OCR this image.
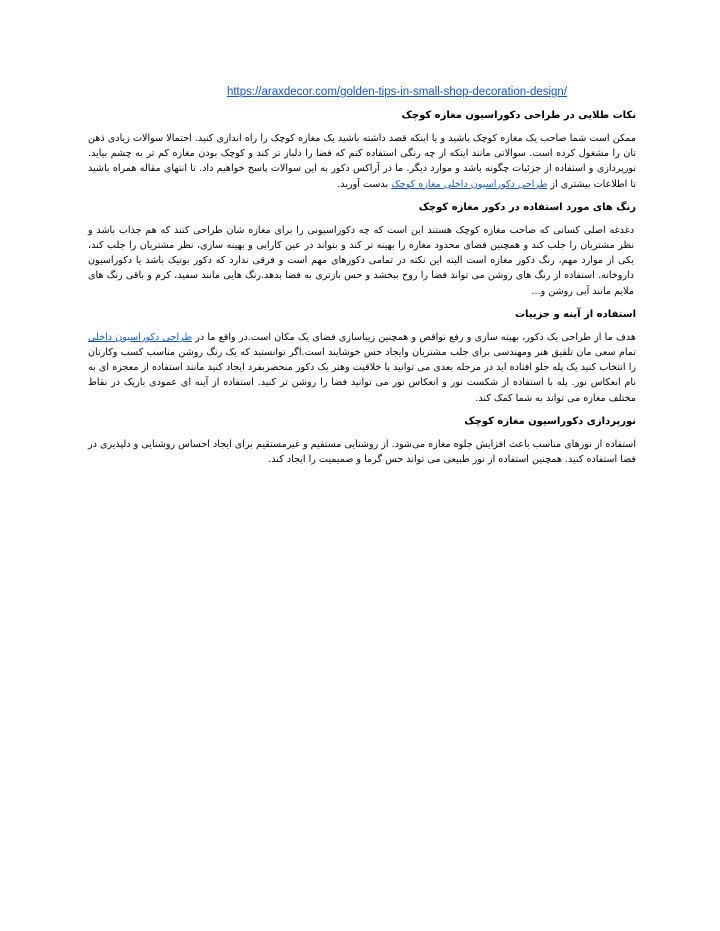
https://araxdecor.com/golden-tips-in-small-shop-decoration-design/
نکات طلایی در طراحی دکوراسیون مغازه کوچک

ممکن است شما صاحب یک مغازه کوچک باشید و یا اینکه قصد داشته باشید یک مغازه کوچک را راه اندازی کنید. احتمالا سوالات زیادی ذهن تان را مشغول کرده است. سوالاتی مانند اینکه از چه رنگی استفاده کنم که فضا را دلباز تر کند و کوچک بودن مغازه کم تر به چشم بیاید. نورپردازی و استفاده از جزئیات چگونه باشد و موارد دیگر. ما در آراکس دکور به این سوالات پاسخ خواهیم داد. تا انتهای مقاله همراه باشید تا اطلاعات بیشتری از طراحی دکوراسیون داخلی مغازه کوچک بدست آورید.

رنگ های مورد استفاده در دکور مغازه کوچک

دغدغه اصلی کسانی که صاحب مغازه کوچک هستند این است که چه دکوراسیونی را برای مغازه شان طراحی کنند که هم جذاب باشد و نظر مشتریان را جلب کند و همچنین فضای محدود مغازه را بهینه تر کند و بتواند در عین کارایی و بهینه سازی، نظر مشتریان را جلب کند، یکی از موارد مهم، رنگ دکور مغازه است البته این نکته در تمامی دکورهای مهم است و فرقی ندارد که دکور بوتیک باشد یا دکوراسیون داروخانه. استفاده از رنگ های روشن می تواند فضا را روح ببخشد و حس بازتری به فضا بدهد.رنگ هایی مانند سفید، کرم و باقی رنگ های ملایم مانند آبی روشن و...

استفاده از آینه و جزییات

هدف ما از طراحی یک دکور، بهینه سازی و رفع نواقص و همچنین زیباسازی فضای یک مکان است.در واقع ما در طراحی دکوراسیون داخلی تمام سعی مان تلفیق هنر ومهندسی برای جلب مشتریان وایجاد حس خوشایند است.اگر توانستید که یک رنگ روشن مناسب کسب وکارتان را انتخاب کنید یک پله جلو افتاده اید در مرحله بعدی می توانید با خلاقیت وهنر یک دکور منحصربفرد ایجاد کنید مانند استفاده از معجزه ای به نام انعکاس نور. بله با استفاده از شکست نور و انعکاس نور می توانید فضا را روشن تر کنید. استفاده از آینه ای عمودی باریک در نقاط مختلف مغازه می تواند به شما کمک کند.

نورپردازی دکوراسیون مغازه کوچک

استفاده از نورهای مناسب باعث افزایش جلوه مغازه می‌شود. از روشنایی مستقیم و غیرمستقیم برای ایجاد احساس روشنایی و دلپذیری در فضا استفاده کنید. همچنین استفاده از نور طبیعی می تواند حس گرما و صمیمیت را ایجاد کند.
